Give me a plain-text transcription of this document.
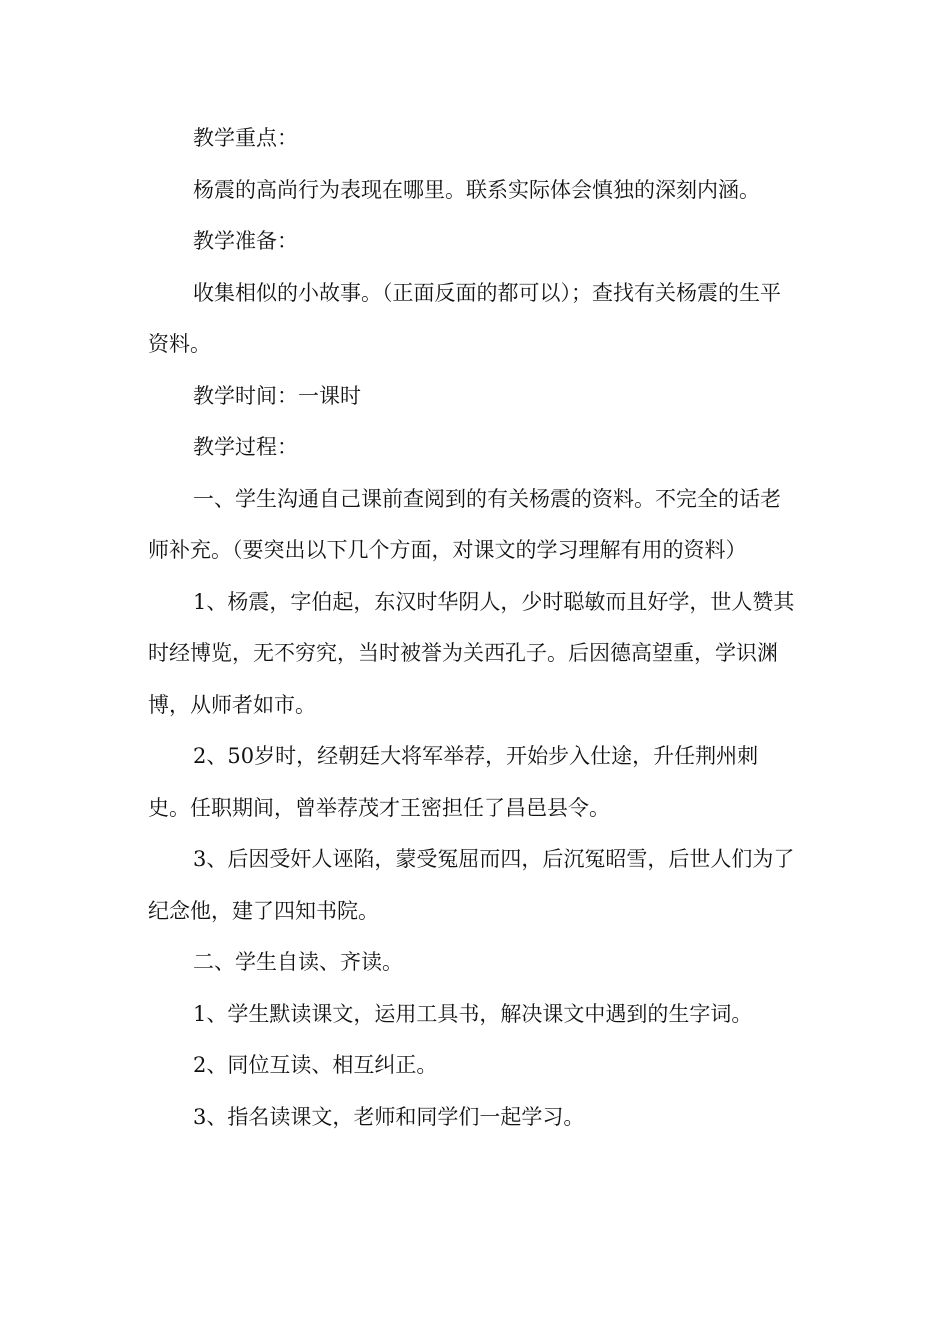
教学重点：

杨震的高尚行为表现在哪里。联系实际体会慎独的深刻内涵。

教学准备：

收集相似的小故事。（正面反面的都可以）；查找有关杨震的生平资料。

教学时间：一课时

教学过程：

一、学生沟通自己课前查阅到的有关杨震的资料。不完全的话老师补充。（要突出以下几个方面，对课文的学习理解有用的资料）

1、杨震，字伯起，东汉时华阴人，少时聪敏而且好学，世人赞其时经博览，无不穷究，当时被誉为关西孔子。后因德高望重，学识渊博，从师者如市。

2、50岁时，经朝廷大将军举荐，开始步入仕途，升任荆州刺史。任职期间，曾举荐茂才王密担任了昌邑县令。

3、后因受奸人诬陷，蒙受冤屈而四，后沉冤昭雪，后世人们为了纪念他，建了四知书院。

二、学生自读、齐读。

1、学生默读课文，运用工具书，解决课文中遇到的生字词。

2、同位互读、相互纠正。

3、指名读课文，老师和同学们一起学习。
